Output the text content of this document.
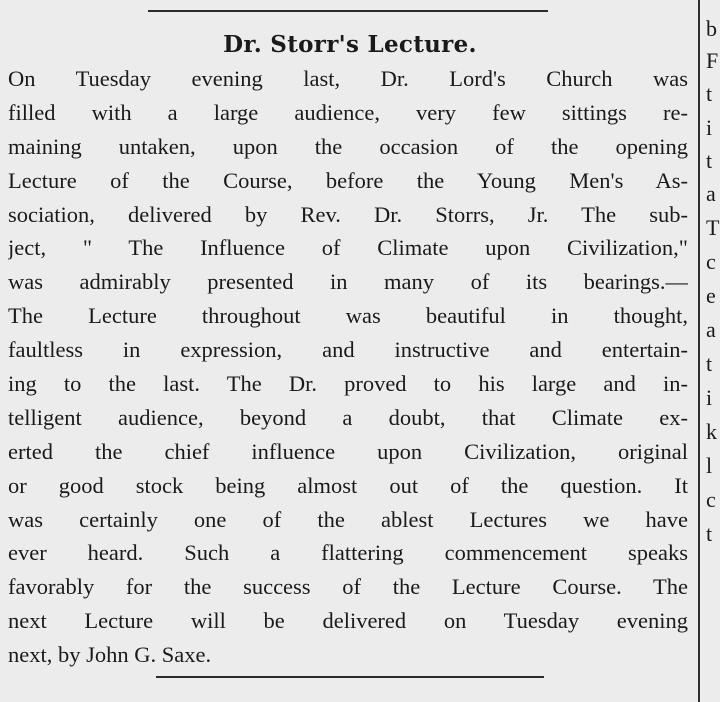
Dr. Storr's Lecture.
On Tuesday evening last, Dr. Lord's Church was
filled with a large audience, very few sittings re-
maining untaken, upon the occasion of the opening
Lecture of the Course, before the Young Men's As-
sociation, delivered by Rev. Dr. Storrs, Jr. The sub-
ject, " The Influence of Climate upon Civilization,"
was admirably presented in many of its bearings.—
The Lecture throughout was beautiful in thought,
faultless in expression, and instructive and entertain-
ing to the last. The Dr. proved to his large and in-
telligent audience, beyond a doubt, that Climate ex-
erted the chief influence upon Civilization, original
or good stock being almost out of the question. It
was certainly one of the ablest Lectures we have
ever heard. Such a flattering commencement speaks
favorably for the success of the Lecture Course. The
next Lecture will be delivered on Tuesday evening
next, by John G. Saxe.
b
F
t
i
t
a
T
c
e
a
t
i
k
l
c
t
